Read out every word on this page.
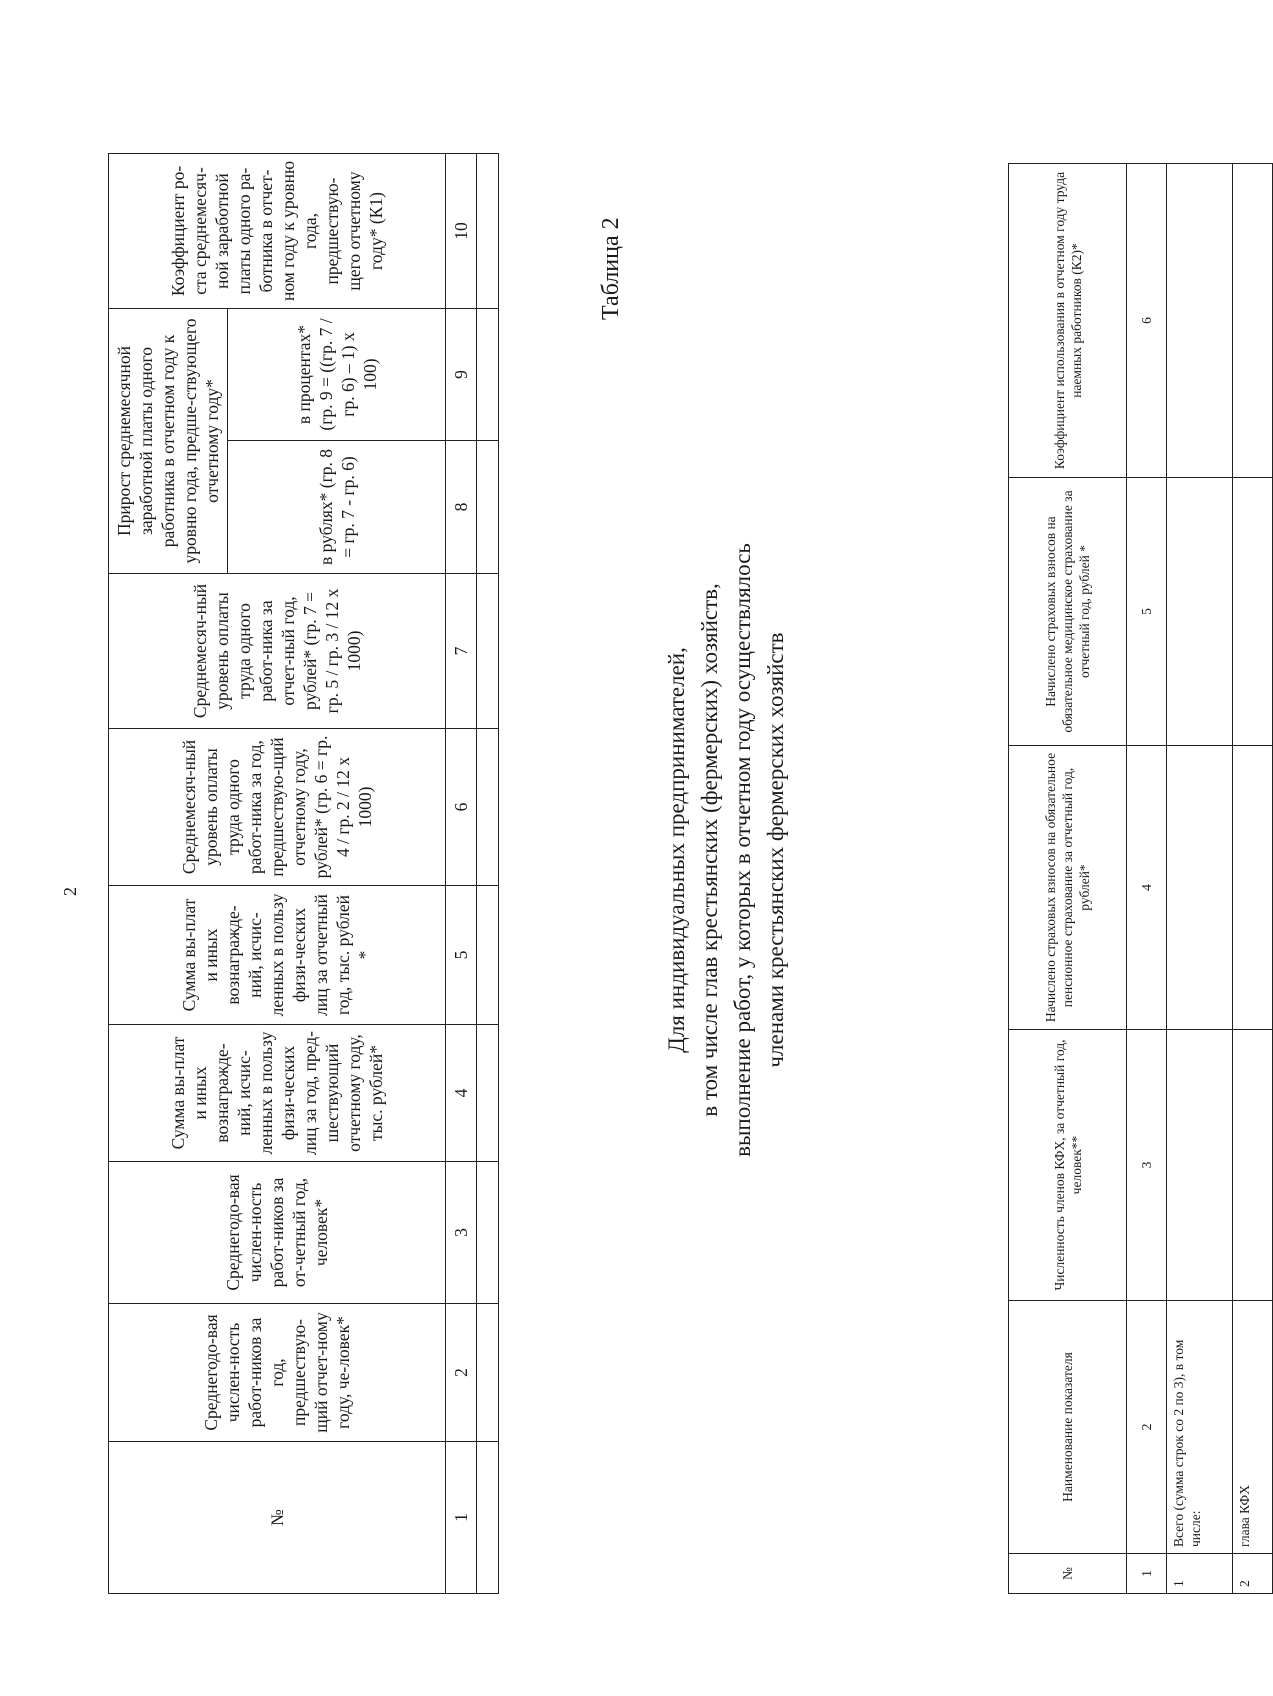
2
№	Среднегодо-вая числен-ность работ-ников за год, предшествую-щий отчет-ному году, че-ловек*	Среднегодо-вая числен-ность работ-ников за от-четный год, человек*	Сумма вы-плат и иных вознагражде-ний, исчис-ленных в пользу физи-ческих лиц за год, пред-шествующий отчетному году, тыс. рублей*	Сумма вы-плат и иных вознагражде-ний, исчис-ленных в пользу физи-ческих лиц за отчетный год, тыс. рублей *	Среднемесяч-ный уровень оплаты труда одного работ-ника за год, предшествую-щий отчетному году, рублей* (гр. 6 = гр. 4 / гр. 2 / 12 х 1000)	Среднемесяч-ный уровень оплаты труда одного работ-ника за отчет-ный год, рублей* (гр. 7 = гр. 5 / гр. 3 / 12 х 1000)	Прирост среднемесячной заработной платы одного работника в отчетном году к уровню года, предше-ствующего отчетному году*		Коэффициент ро-ста среднемесяч-ной заработной платы одного ра-ботника в отчет-ном году к уровню года, предшествую-щего отчетному году* (К1)
							в рублях* (гр. 8 = гр. 7 - гр. 6)	в процентах* (гр. 9 = ((гр. 7 / гр. 6) – 1) х 100)	
1	2	3	4	5	6	7	8	9	10
										Таблица 2
Для индивидуальных предпринимателей, в том числе глав крестьянских (фермерских) хозяйств, выполнение работ, у которых в отчетном году осуществлялось членами крестьянских фермерских хозяйств
№	Наименование показателя	Численность членов КФХ, за отчетный год, человек**	Начислено страховых взносов на обязательное пенсионное страхование за отчетный год, рублей*	Начислено страховых взносов на обязательное медицинское страхование за отчетный год, рублей *	Коэффициент использования в отчетном году труда наемных работников (К2)*
1	2	3	4	5	6
1	Всего (сумма строк со 2 по 3), в том числе:				
2	глава КФХ				
